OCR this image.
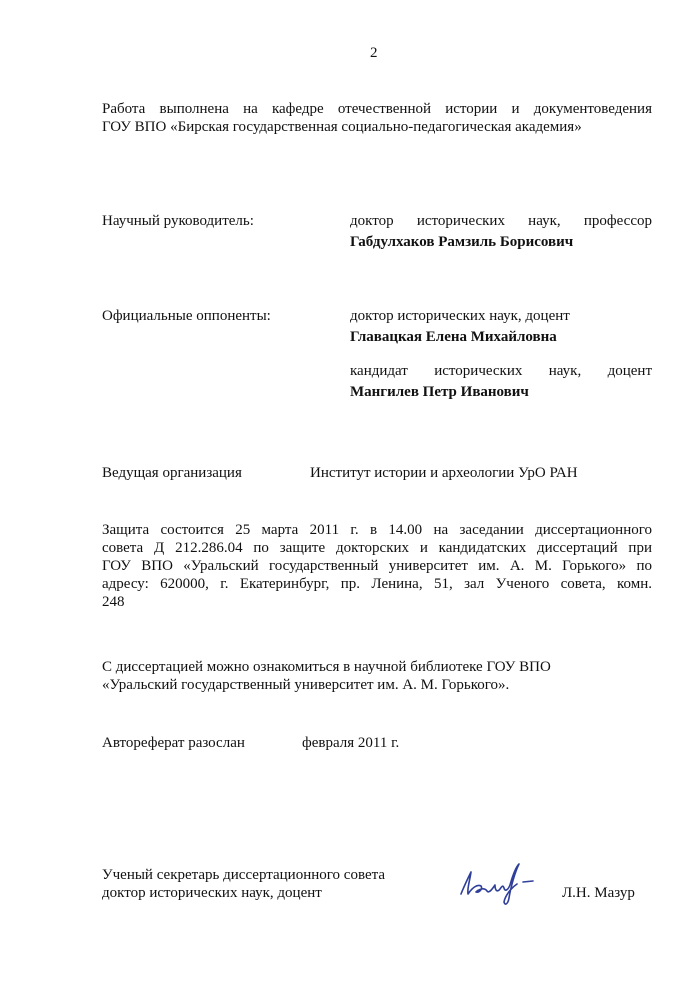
2
Работа выполнена на кафедре отечественной истории и документоведения
ГОУ ВПО «Бирская государственная социально-педагогическая академия»
Научный руководитель:	доктор исторических наук, профессор
Габдулхаков Рамзиль Борисович
Официальные оппоненты:	доктор исторических наук, доцент
Главацкая Елена Михайловна
кандидат исторических наук, доцент
Мангилев Петр Иванович
Ведущая организация	Институт истории и археологии УрО РАН
Защита состоится 25 марта 2011 г. в 14.00 на заседании диссертационного
совета Д 212.286.04 по защите докторских и кандидатских диссертаций при
ГОУ ВПО «Уральский государственный университет им. А. М. Горького» по
адресу: 620000, г. Екатеринбург, пр. Ленина, 51, зал Ученого совета, комн.
248
С диссертацией можно ознакомиться в научной библиотеке ГОУ ВПО
«Уральский государственный университет им. А. М. Горького».
Автореферат разослан	февраля 2011 г.
Ученый секретарь диссертационного совета
доктор исторических наук, доцент	Л.Н. Мазур
